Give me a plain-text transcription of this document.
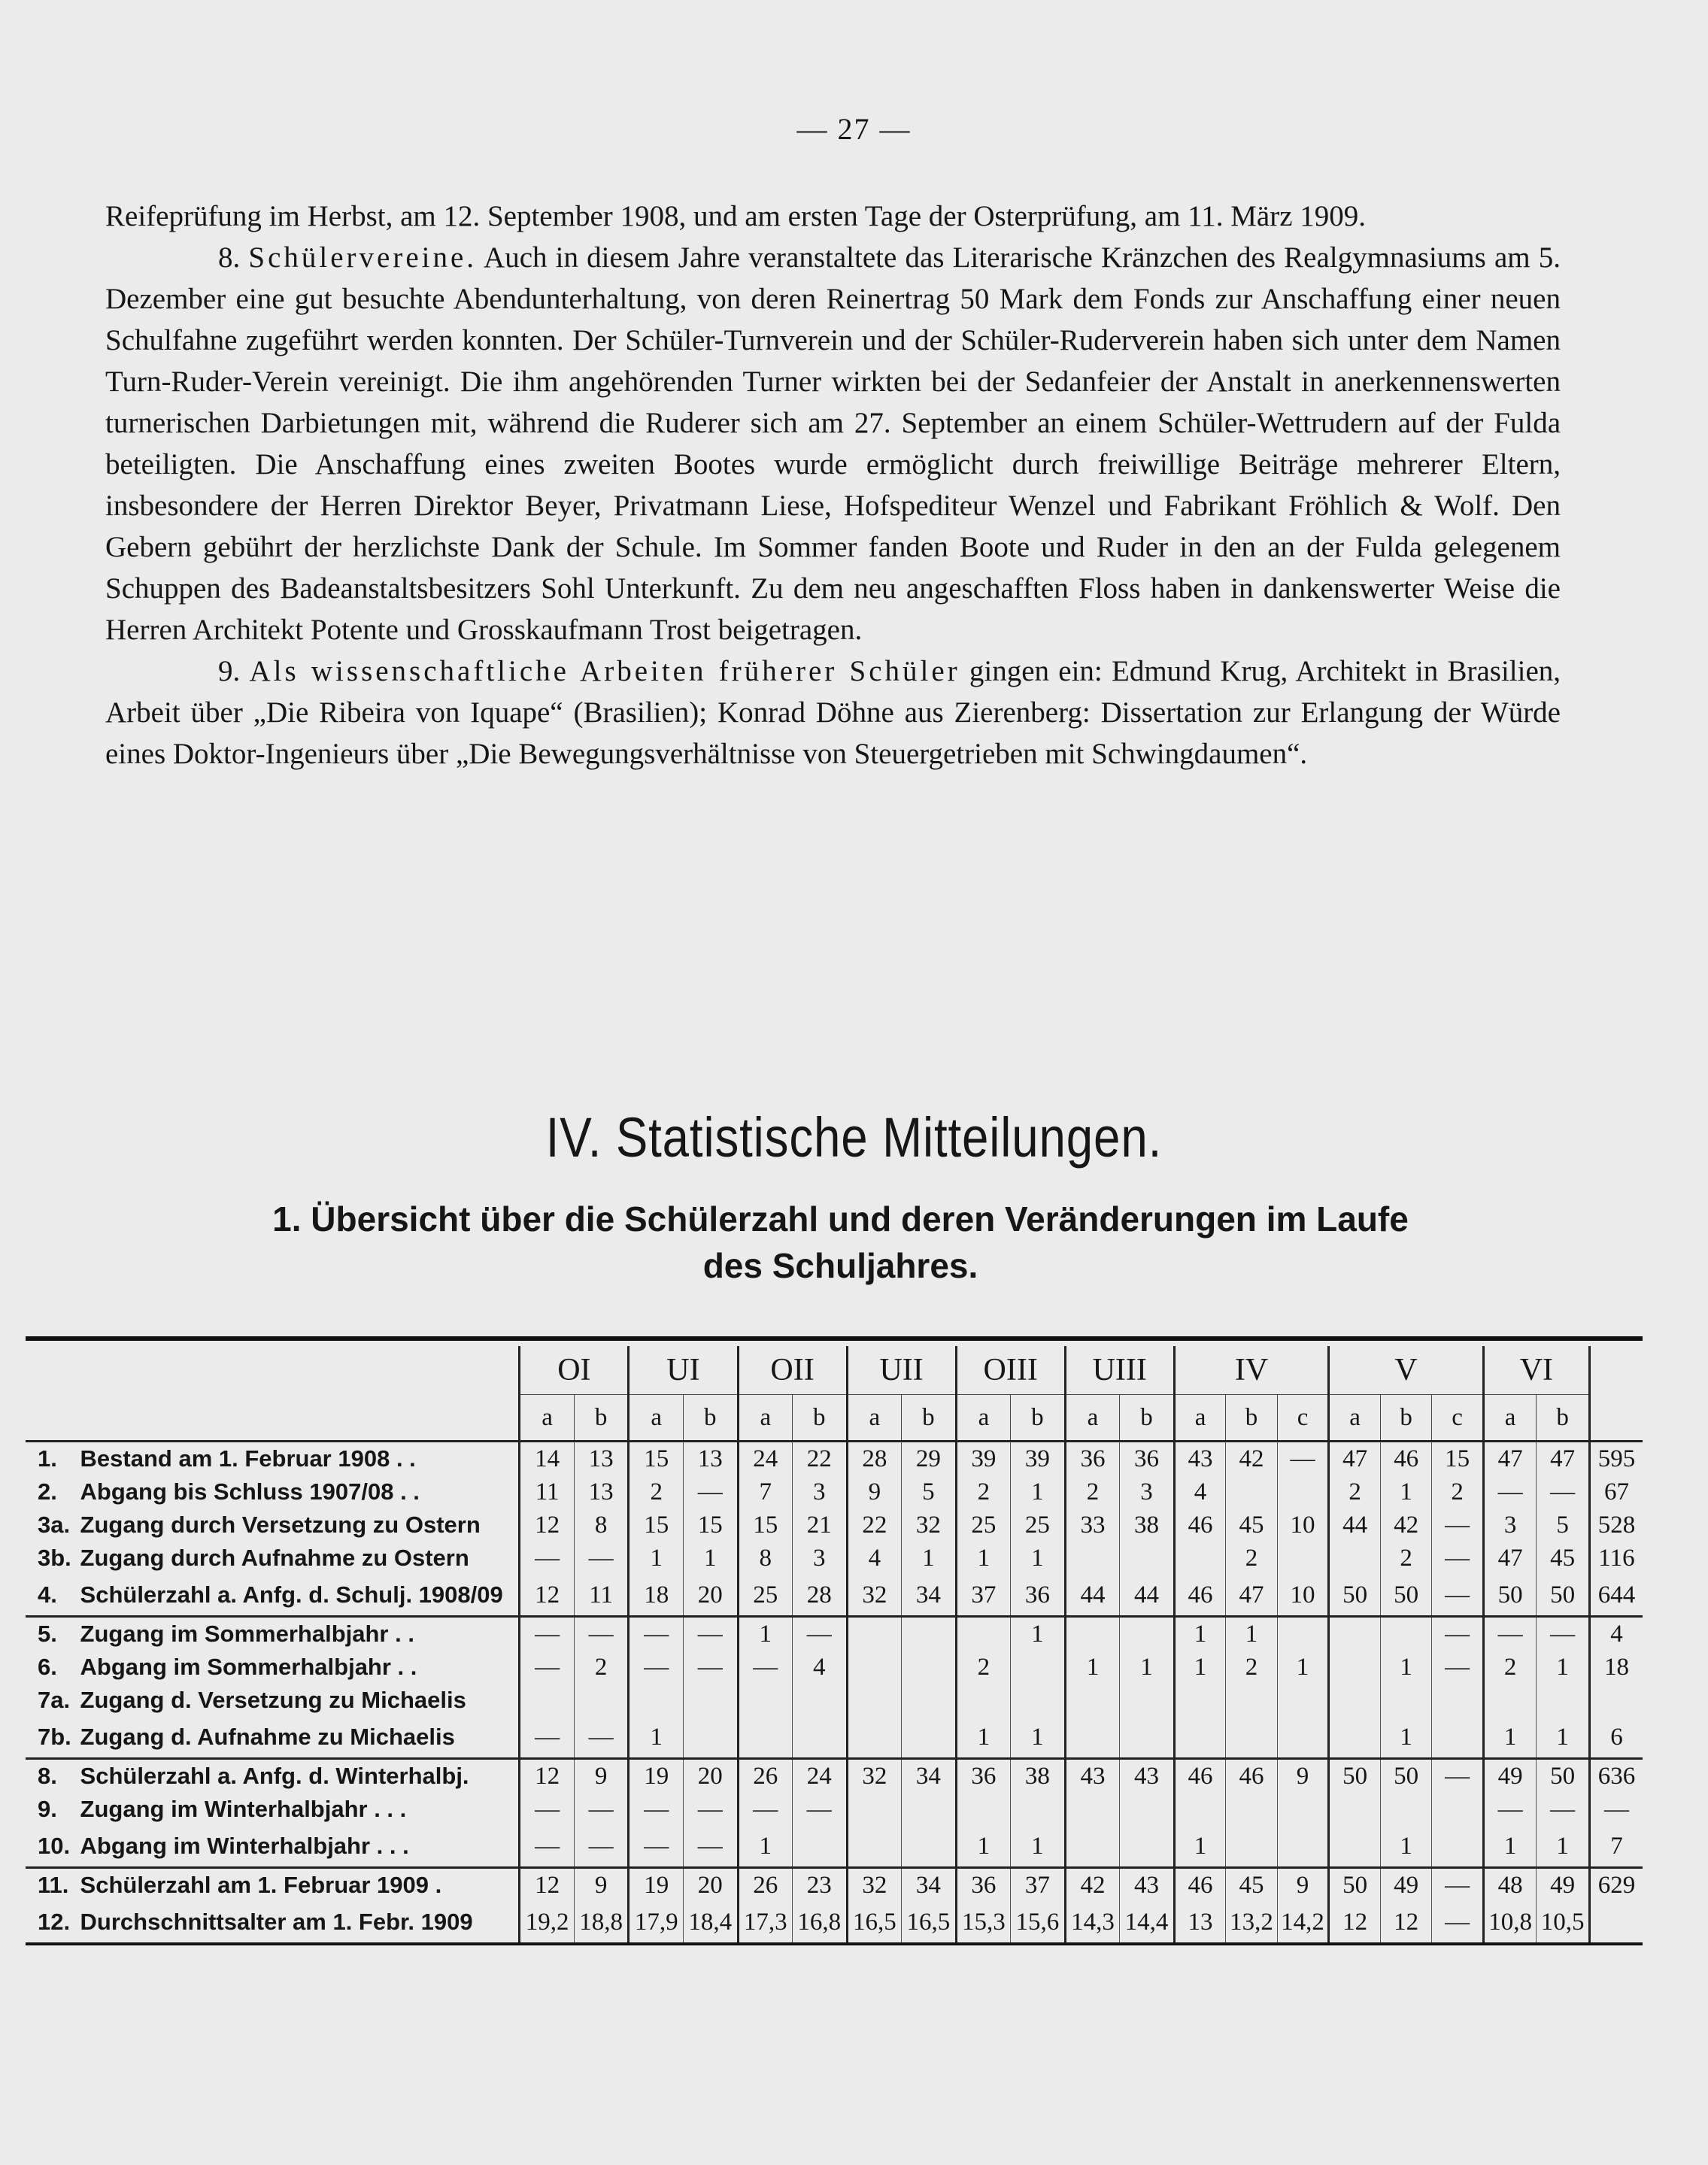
— 27 —

Reifeprüfung im Herbst, am 12. September 1908, und am ersten Tage der Osterprüfung, am 11. März 1909.

8. Schülervereine. Auch in diesem Jahre veranstaltete das Literarische Kränzchen des Realgymnasiums am 5. Dezember eine gut besuchte Abendunterhaltung, von deren Reinertrag 50 Mark dem Fonds zur Anschaffung einer neuen Schulfahne zugeführt werden konnten. Der Schüler-Turnverein und der Schüler-Ruderverein haben sich unter dem Namen Turn-Ruder-Verein vereinigt. Die ihm angehörenden Turner wirkten bei der Sedanfeier der Anstalt in anerkennenswerten turnerischen Darbietungen mit, während die Ruderer sich am 27. September an einem Schüler-Wettrudern auf der Fulda beteiligten. Die Anschaffung eines zweiten Bootes wurde ermöglicht durch freiwillige Beiträge mehrerer Eltern, insbesondere der Herren Direktor Beyer, Privatmann Liese, Hofspediteur Wenzel und Fabrikant Fröhlich & Wolf. Den Gebern gebührt der herzlichste Dank der Schule. Im Sommer fanden Boote und Ruder in den an der Fulda gelegenem Schuppen des Badeanstaltsbesitzers Sohl Unterkunft. Zu dem neu angeschafften Floss haben in dankenswerter Weise die Herren Architekt Potente und Grosskaufmann Trost beigetragen.

9. Als wissenschaftliche Arbeiten früherer Schüler gingen ein: Edmund Krug, Architekt in Brasilien, Arbeit über „Die Ribeira von Iquape“ (Brasilien); Konrad Döhne aus Zierenberg: Dissertation zur Erlangung der Würde eines Doktor-Ingenieurs über „Die Bewegungsverhältnisse von Steuergetrieben mit Schwingdaumen“.

IV. Statistische Mitteilungen.
1. Übersicht über die Schülerzahl und deren Veränderungen im Laufe
des Schuljahres.
		OI		UI		OII		UII		OIII		UIII		IV			V			VI		
		a	b	a	b	a	b	a	b	a	b	a	b	a	b	c	a	b	c	a	b	
1.	Bestand am 1. Februar 1908 . .	14	13	15	13	24	22	28	29	39	39	36	36	43	42	—	47	46	15	47	47	595
2.	Abgang bis Schluss 1907/08 . .	11	13	2	—	7	3	9	5	2	1	2	3	4			2	1	2	—	—	67
3a.	Zugang durch Versetzung zu Ostern	12	8	15	15	15	21	22	32	25	25	33	38	46	45	10	44	42	—	3	5	528
3b.	Zugang durch Aufnahme zu Ostern	—	—	1	1	8	3	4	1	1	1				2			2	—	47	45	116
4.	Schülerzahl a. Anfg. d. Schulj. 1908/09	12	11	18	20	25	28	32	34	37	36	44	44	46	47	10	50	50	—	50	50	644
5.	Zugang im Sommerhalbjahr . .	—	—	—	—	1	—				1			1	1				—	—	—	4
6.	Abgang im Sommerhalbjahr . .	—	2	—	—	—	4			2		1	1	1	2	1		1	—	2	1	18
7a.	Zugang d. Versetzung zu Michaelis																					
7b.	Zugang d. Aufnahme zu Michaelis	—	—	1						1	1							1		1	1	6
8.	Schülerzahl a. Anfg. d. Winterhalbj.	12	9	19	20	26	24	32	34	36	38	43	43	46	46	9	50	50	—	49	50	636
9.	Zugang im Winterhalbjahr . . .	—	—	—	—	—	—													—	—	—
10.	Abgang im Winterhalbjahr . . .	—	—	—	—	1				1	1			1				1		1	1	7
11.	Schülerzahl am 1. Februar 1909 .	12	9	19	20	26	23	32	34	36	37	42	43	46	45	9	50	49	—	48	49	629
12.	Durchschnittsalter am 1. Febr. 1909	19,2	18,8	17,9	18,4	17,3	16,8	16,5	16,5	15,3	15,6	14,3	14,4	13	13,2	14,2	12	12	—	10,8	10,5	
